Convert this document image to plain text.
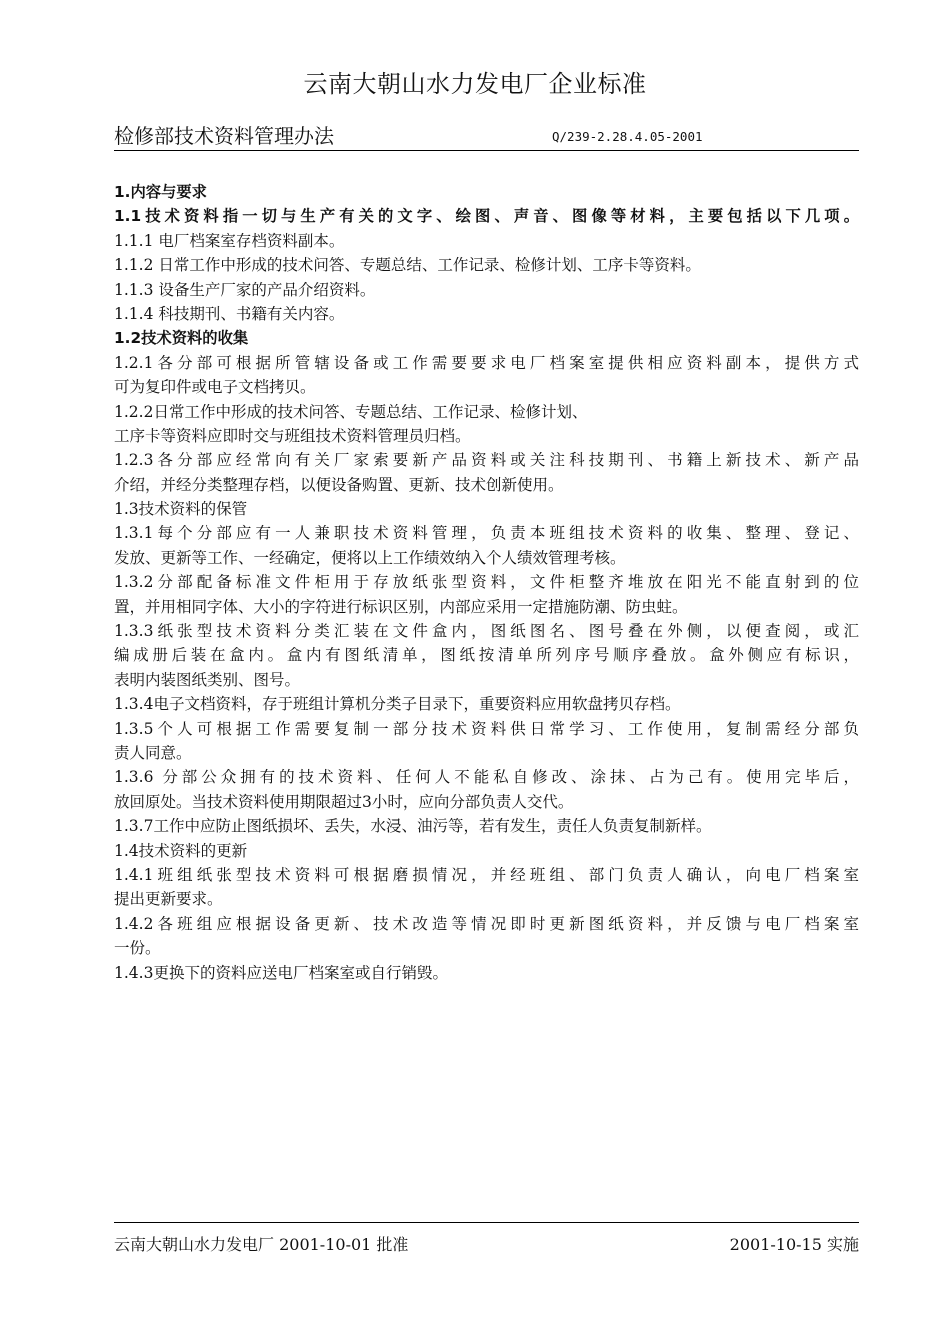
云南大朝山水力发电厂企业标准
检修部技术资料管理办法	Q/239-2.28.4.05-2001
1.内容与要求
1.1技术资料指一切与生产有关的文字、绘图、声音、图像等材料，主要包括以下几项。
1.1.1 电厂档案室存档资料副本。
1.1.2 日常工作中形成的技术问答、专题总结、工作记录、检修计划、工序卡等资料。
1.1.3 设备生产厂家的产品介绍资料。
1.1.4 科技期刊、书籍有关内容。
1.2技术资料的收集
1.2.1各分部可根据所管辖设备或工作需要要求电厂档案室提供相应资料副本，提供方式
可为复印件或电子文档拷贝。
1.2.2日常工作中形成的技术问答、专题总结、工作记录、检修计划、
工序卡等资料应即时交与班组技术资料管理员归档。
1.2.3各分部应经常向有关厂家索要新产品资料或关注科技期刊、书籍上新技术、新产品
介绍，并经分类整理存档，以便设备购置、更新、技术创新使用。
1.3技术资料的保管
1.3.1每个分部应有一人兼职技术资料管理，负责本班组技术资料的收集、整理、登记、
发放、更新等工作、一经确定，便将以上工作绩效纳入个人绩效管理考核。
1.3.2分部配备标准文件柜用于存放纸张型资料，文件柜整齐堆放在阳光不能直射到的位
置，并用相同字体、大小的字符进行标识区别，内部应采用一定措施防潮、防虫蛀。
1.3.3纸张型技术资料分类汇装在文件盒内，图纸图名、图号叠在外侧，以便查阅，或汇
编成册后装在盒内。盒内有图纸清单，图纸按清单所列序号顺序叠放。盒外侧应有标识，
表明内装图纸类别、图号。
1.3.4电子文档资料，存于班组计算机分类子目录下，重要资料应用软盘拷贝存档。
1.3.5个人可根据工作需要复制一部分技术资料供日常学习、工作使用，复制需经分部负
责人同意。
1.3.6 分部公众拥有的技术资料、任何人不能私自修改、涂抹、占为己有。使用完毕后，
放回原处。当技术资料使用期限超过3小时，应向分部负责人交代。
1.3.7工作中应防止图纸损坏、丢失，水浸、油污等，若有发生，责任人负责复制新样。
1.4技术资料的更新
1.4.1班组纸张型技术资料可根据磨损情况，并经班组、部门负责人确认，向电厂档案室
提出更新要求。
1.4.2各班组应根据设备更新、技术改造等情况即时更新图纸资料，并反馈与电厂档案室
一份。
1.4.3更换下的资料应送电厂档案室或自行销毁。
云南大朝山水力发电厂 2001-10-01 批准	2001-10-15 实施
